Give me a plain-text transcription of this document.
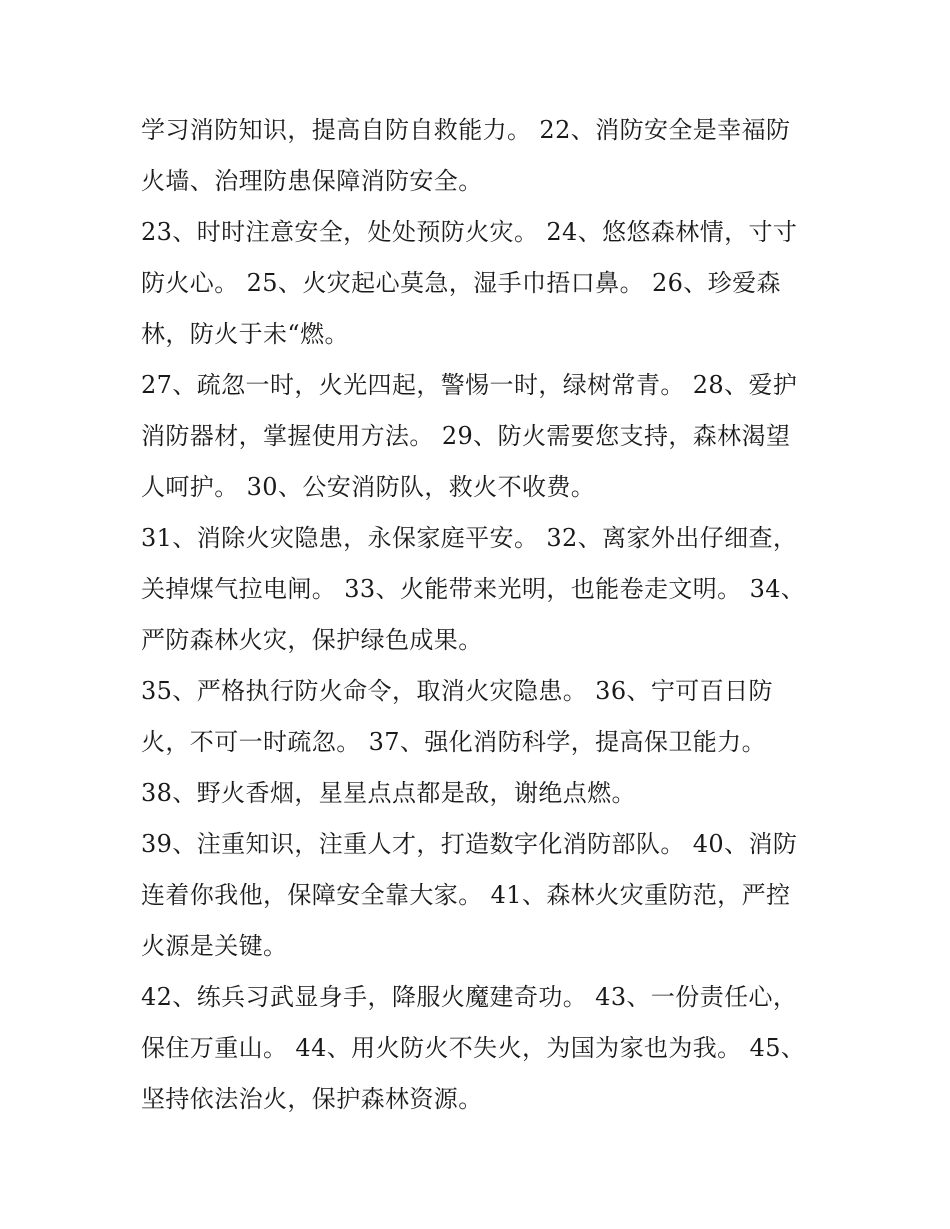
学习消防知识，提高自防自救能力。 22、消防安全是幸福防
火墙、治理防患保障消防安全。
23、时时注意安全，处处预防火灾。 24、悠悠森林情，寸寸
防火心。 25、火灾起心莫急，湿手巾捂口鼻。 26、珍爱森
林，防火于未“燃。
27、疏忽一时，火光四起，警惕一时，绿树常青。 28、爱护
消防器材，掌握使用方法。 29、防火需要您支持，森林渴望
人呵护。 30、公安消防队，救火不收费。
31、消除火灾隐患，永保家庭平安。 32、离家外出仔细查，
关掉煤气拉电闸。 33、火能带来光明，也能卷走文明。 34、
严防森林火灾，保护绿色成果。
35、严格执行防火命令，取消火灾隐患。 36、宁可百日防
火，不可一时疏忽。 37、强化消防科学，提高保卫能力。
38、野火香烟，星星点点都是敌，谢绝点燃。
39、注重知识，注重人才，打造数字化消防部队。 40、消防
连着你我他，保障安全靠大家。 41、森林火灾重防范，严控
火源是关键。
42、练兵习武显身手，降服火魔建奇功。 43、一份责任心，
保住万重山。 44、用火防火不失火，为国为家也为我。 45、
坚持依法治火，保护森林资源。
